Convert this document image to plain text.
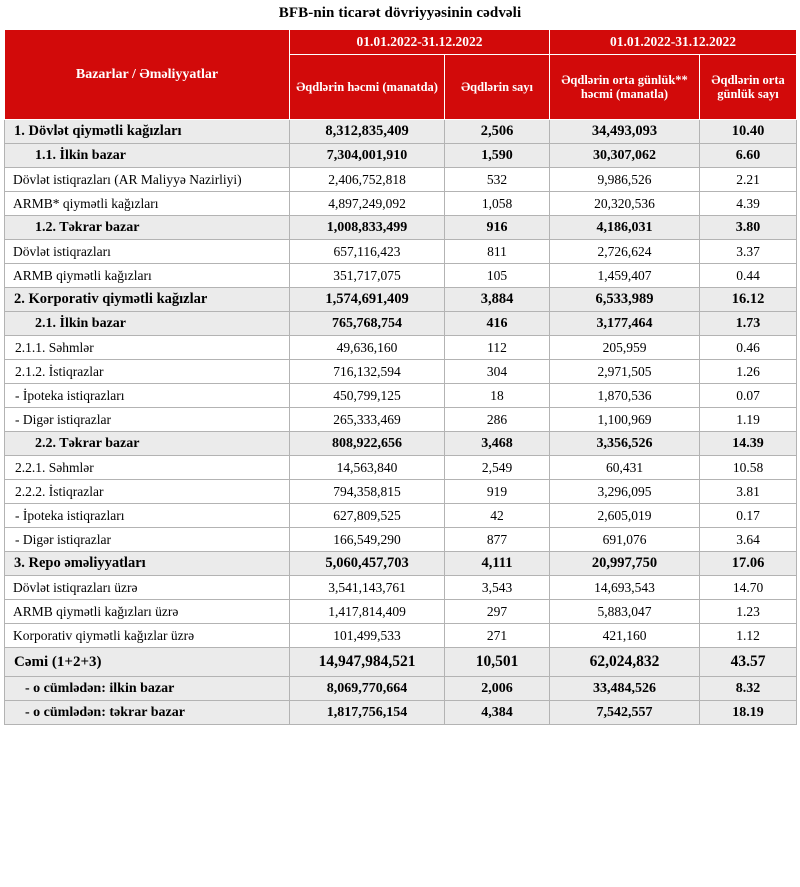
BFB-nin ticarət dövriyyəsinin cədvəli
Bazarlar / Əməliyyatlar	01.01.2022-31.12.2022		01.01.2022-31.12.2022	
	Əqdlərin həcmi (manatda)	Əqdlərin sayı	Əqdlərin orta günlük** həcmi (manatla)	Əqdlərin orta günlük sayı
1. Dövlət qiymətli kağızları	8,312,835,409	2,506	34,493,093	10.40
1.1. İlkin bazar	7,304,001,910	1,590	30,307,062	6.60
Dövlət istiqrazları (AR Maliyyə Nazirliyi)	2,406,752,818	532	9,986,526	2.21
ARMB* qiymətli kağızları	4,897,249,092	1,058	20,320,536	4.39
1.2. Təkrar bazar	1,008,833,499	916	4,186,031	3.80
Dövlət istiqrazları	657,116,423	811	2,726,624	3.37
ARMB qiymətli kağızları	351,717,075	105	1,459,407	0.44
2. Korporativ qiymətli kağızlar	1,574,691,409	3,884	6,533,989	16.12
2.1. İlkin bazar	765,768,754	416	3,177,464	1.73
2.1.1. Səhmlər	49,636,160	112	205,959	0.46
2.1.2. İstiqrazlar	716,132,594	304	2,971,505	1.26
- İpoteka istiqrazları	450,799,125	18	1,870,536	0.07
- Digər istiqrazlar	265,333,469	286	1,100,969	1.19
2.2. Təkrar bazar	808,922,656	3,468	3,356,526	14.39
2.2.1. Səhmlər	14,563,840	2,549	60,431	10.58
2.2.2. İstiqrazlar	794,358,815	919	3,296,095	3.81
- İpoteka istiqrazları	627,809,525	42	2,605,019	0.17
- Digər istiqrazlar	166,549,290	877	691,076	3.64
3. Repo əməliyyatları	5,060,457,703	4,111	20,997,750	17.06
Dövlət istiqrazları üzrə	3,541,143,761	3,543	14,693,543	14.70
ARMB qiymətli kağızları üzrə	1,417,814,409	297	5,883,047	1.23
Korporativ qiymətli kağızlar üzrə	101,499,533	271	421,160	1.12
Cəmi (1+2+3)	14,947,984,521	10,501	62,024,832	43.57
- o cümlədən: ilkin bazar	8,069,770,664	2,006	33,484,526	8.32
- o cümlədən: təkrar bazar	1,817,756,154	4,384	7,542,557	18.19
